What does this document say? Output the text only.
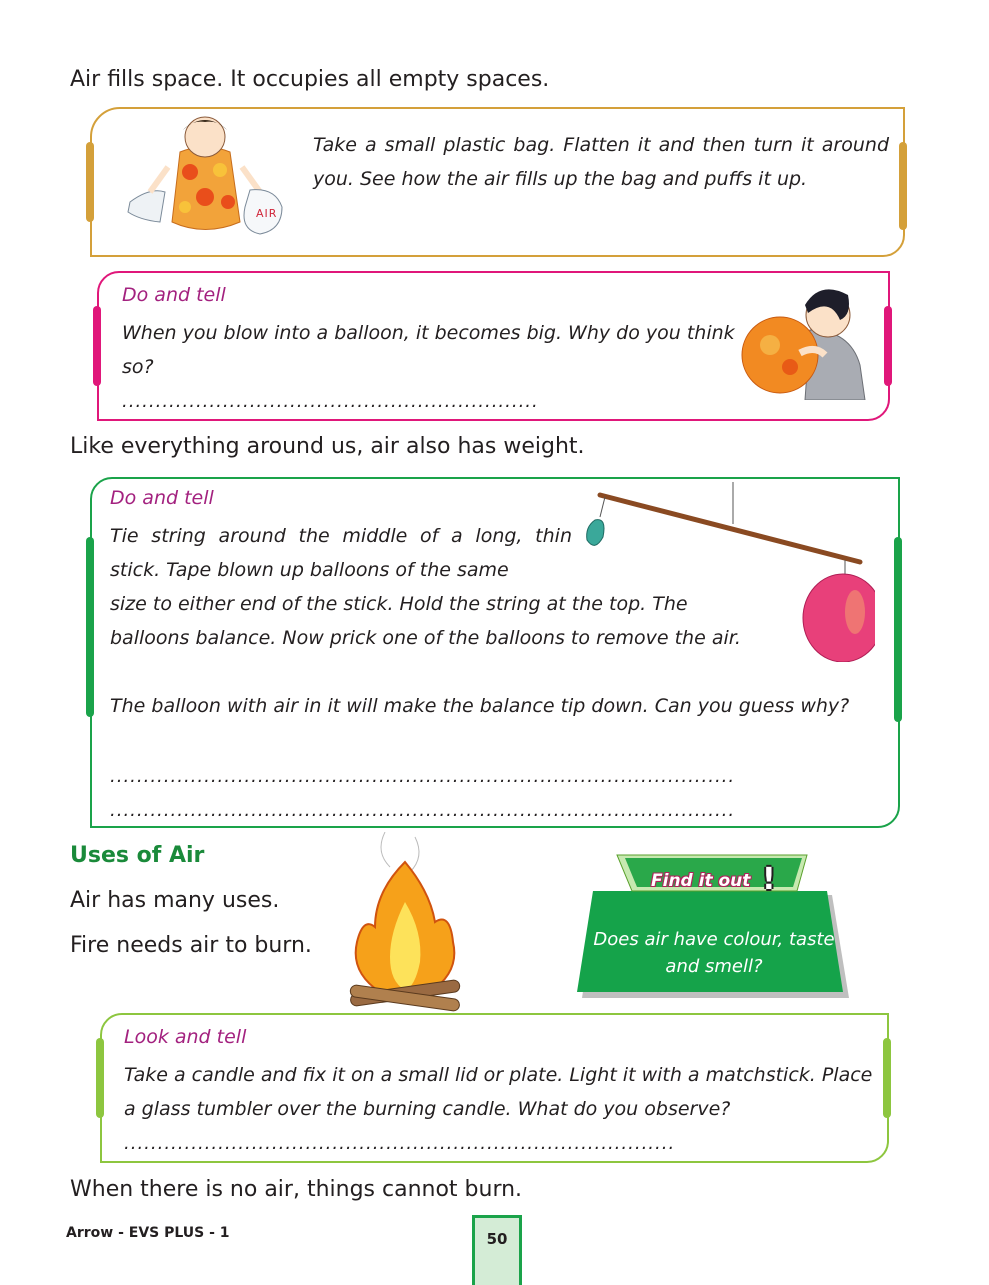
Air fills space. It occupies all empty spaces.
AIR
Take a small plastic bag. Flatten it and then turn it around you. See how the air fills up the bag and puffs it up.
Do and tell
When you blow into a balloon, it becomes big. Why do you think so?
..............................................................
Like everything around us, air also has weight.
Do and tell
Tie string around the middle of a long, thin stick. Tape blown up balloons of the same
size to either end of the stick. Hold the string at the top. The balloons balance. Now prick one of the balloons to remove the air.
The balloon with air in it will make the balance tip down. Can you guess why?
.............................................................................................
.............................................................................................
Uses of Air
Air has many uses.
Fire needs air to burn.
Find it out !
Does air have colour, taste and smell?
Look and tell
Take a candle and fix it on a small lid or plate. Light it with a matchstick. Place a glass tumbler over the burning candle. What do you observe?
..................................................................................
When there is no air, things cannot burn.
Arrow - EVS PLUS - 1	50
